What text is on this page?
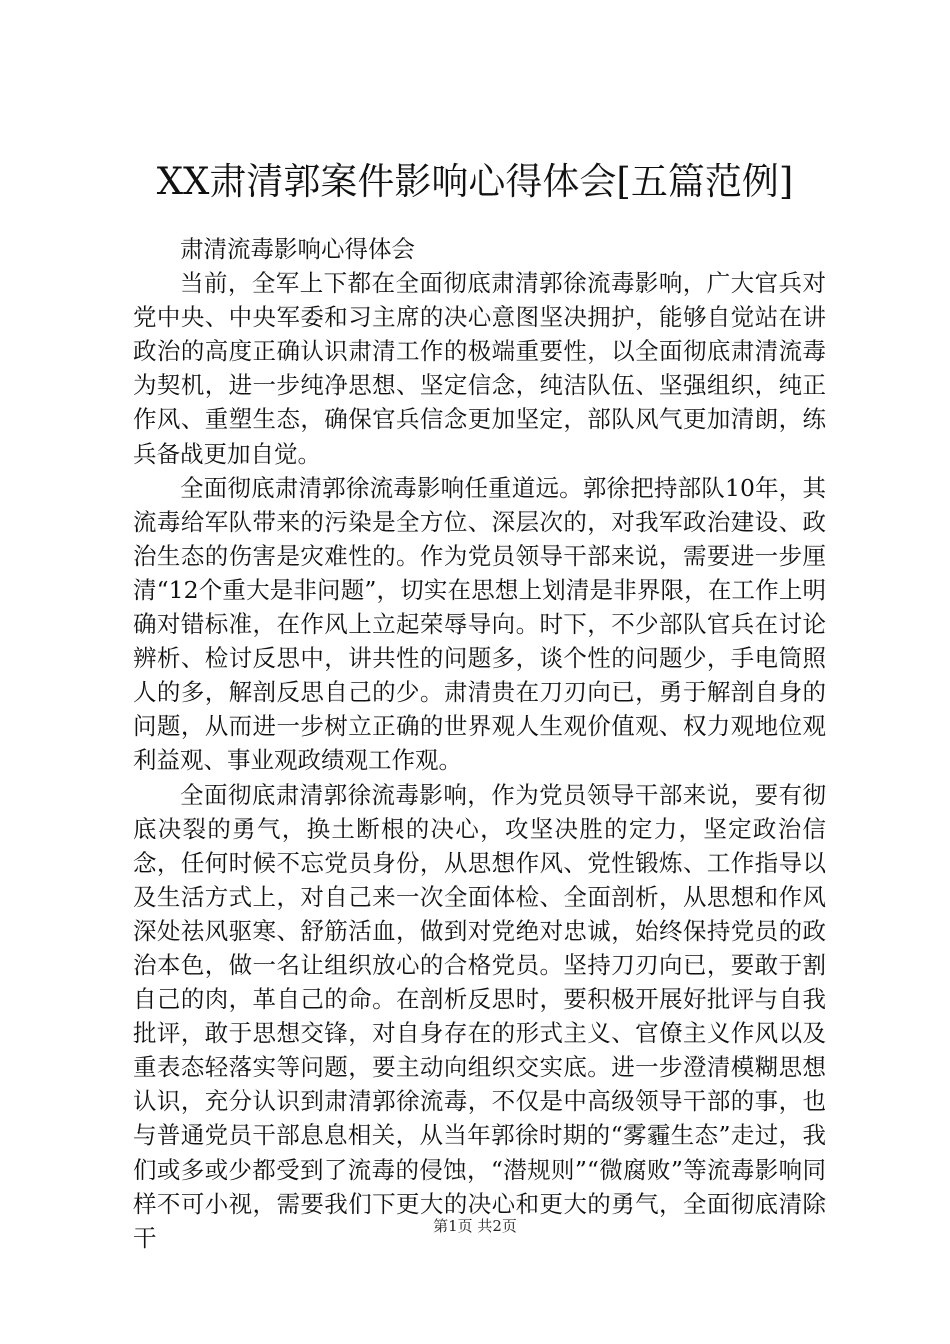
XX肃清郭案件影响心得体会[五篇范例]

肃清流毒影响心得体会

当前，全军上下都在全面彻底肃清郭徐流毒影响，广大官兵对党中央、中央军委和习主席的决心意图坚决拥护，能够自觉站在讲政治的高度正确认识肃清工作的极端重要性，以全面彻底肃清流毒为契机，进一步纯净思想、坚定信念，纯洁队伍、坚强组织，纯正作风、重塑生态，确保官兵信念更加坚定，部队风气更加清朗，练兵备战更加自觉。

全面彻底肃清郭徐流毒影响任重道远。郭徐把持部队10年，其流毒给军队带来的污染是全方位、深层次的，对我军政治建设、政治生态的伤害是灾难性的。作为党员领导干部来说，需要进一步厘清“12个重大是非问题”，切实在思想上划清是非界限，在工作上明确对错标准，在作风上立起荣辱导向。时下，不少部队官兵在讨论辨析、检讨反思中，讲共性的问题多，谈个性的问题少，手电筒照人的多，解剖反思自己的少。肃清贵在刀刃向已，勇于解剖自身的问题，从而进一步树立正确的世界观人生观价值观、权力观地位观利益观、事业观政绩观工作观。

全面彻底肃清郭徐流毒影响，作为党员领导干部来说，要有彻底决裂的勇气，换土断根的决心，攻坚决胜的定力，坚定政治信念，任何时候不忘党员身份，从思想作风、党性锻炼、工作指导以及生活方式上，对自己来一次全面体检、全面剖析，从思想和作风深处祛风驱寒、舒筋活血，做到对党绝对忠诚，始终保持党员的政治本色，做一名让组织放心的合格党员。坚持刀刃向已，要敢于割自己的肉，革自己的命。在剖析反思时，要积极开展好批评与自我批评，敢于思想交锋，对自身存在的形式主义、官僚主义作风以及重表态轻落实等问题，要主动向组织交实底。进一步澄清模糊思想认识，充分认识到肃清郭徐流毒，不仅是中高级领导干部的事，也与普通党员干部息息相关，从当年郭徐时期的“雾霾生态”走过，我们或多或少都受到了流毒的侵蚀，“潜规则”“微腐败”等流毒影响同样不可小视，需要我们下更大的决心和更大的勇气，全面彻底清除干	第1页 共2页
